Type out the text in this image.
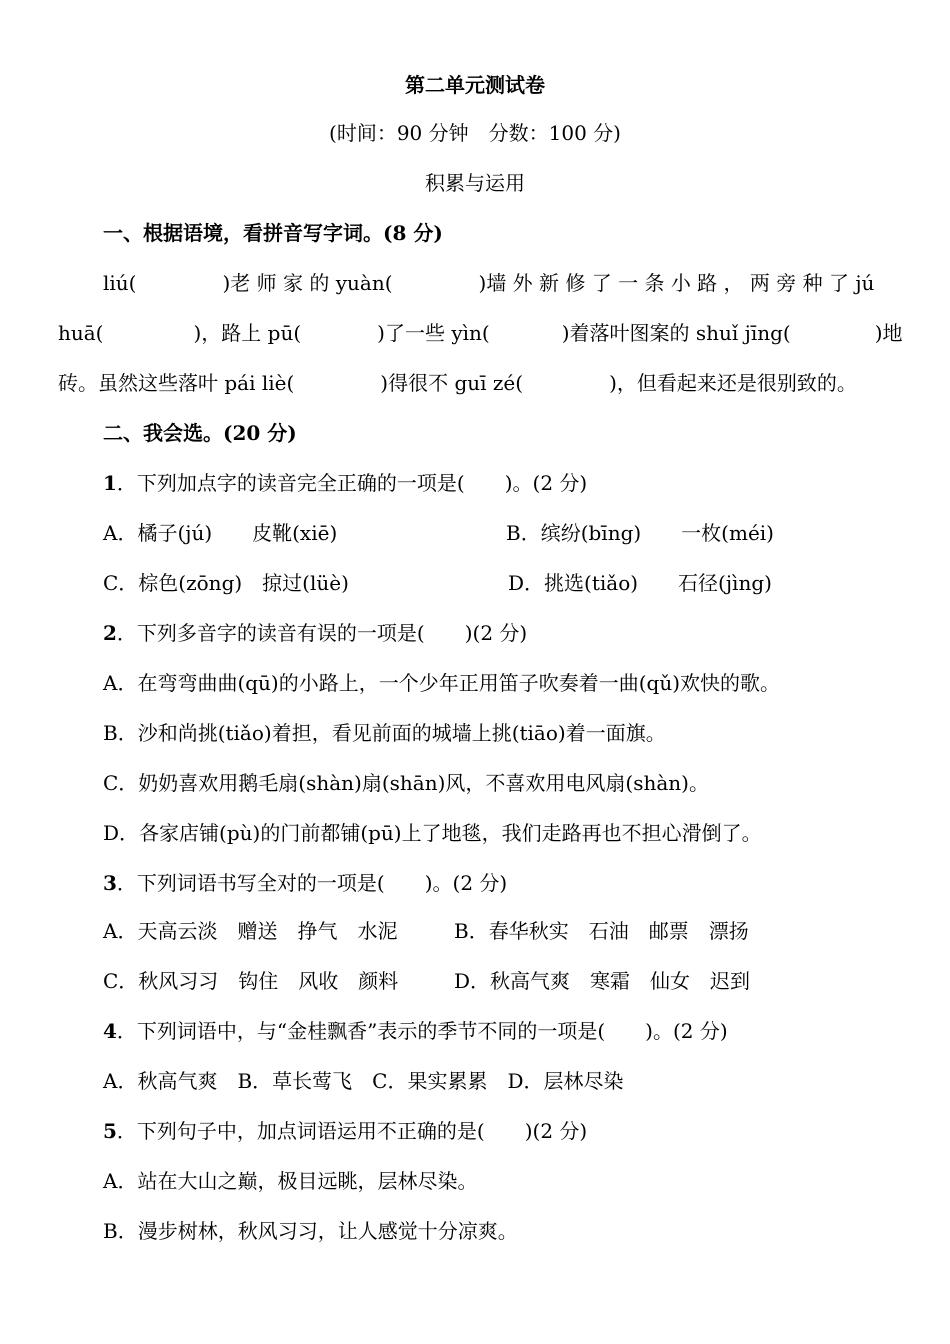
第二单元测试卷
(时间：90 分钟　分数：100 分)
积累与运用
一、根据语境，看拼音写字词。(8 分)
liú(	)老 师 家 的 yuàn(	)墙 外 新 修 了 一 条 小 路 ， 两 旁 种 了 jú
huā(	)，路上 pū(	)了一些 yìn(	)着落叶图案的 shuǐ jīng(	)地
砖。虽然这些落叶 pái liè(	)得很不 guī zé(	)，但看起来还是很别致的。
二、我会选。(20 分)
1．下列加点字的读音完全正确的一项是(　　)。(2 分)
A．橘子(jú)　　皮靴(xiē)	B．缤纷(bīng)　　一枚(méi)
C．棕色(zōng)　掠过(lüè)	D．挑选(tiǎo)　　石径(jìng)
2．下列多音字的读音有误的一项是(　　)(2 分)
A．在弯弯曲曲(qū)的小路上，一个少年正用笛子吹奏着一曲(qǔ)欢快的歌。
B．沙和尚挑(tiǎo)着担，看见前面的城墙上挑(tiāo)着一面旗。
C．奶奶喜欢用鹅毛扇(shàn)扇(shān)风，不喜欢用电风扇(shàn)。
D．各家店铺(pù)的门前都铺(pū)上了地毯，我们走路再也不担心滑倒了。
3．下列词语书写全对的一项是(　　)。(2 分)
A．天高云淡　赠送　挣气　水泥	B．春华秋实　石油　邮票　漂扬
C．秋风习习　钩住　风收　颜料	D．秋高气爽　寒霜　仙女　迟到
4．下列词语中，与“金桂飘香”表示的季节不同的一项是(　　)。(2 分)
A．秋高气爽　B．草长莺飞　C．果实累累　D．层林尽染
5．下列句子中，加点词语运用不正确的是(　　)(2 分)
A．站在大山之巅，极目远眺，层林尽染。
B．漫步树林，秋风习习，让人感觉十分凉爽。
